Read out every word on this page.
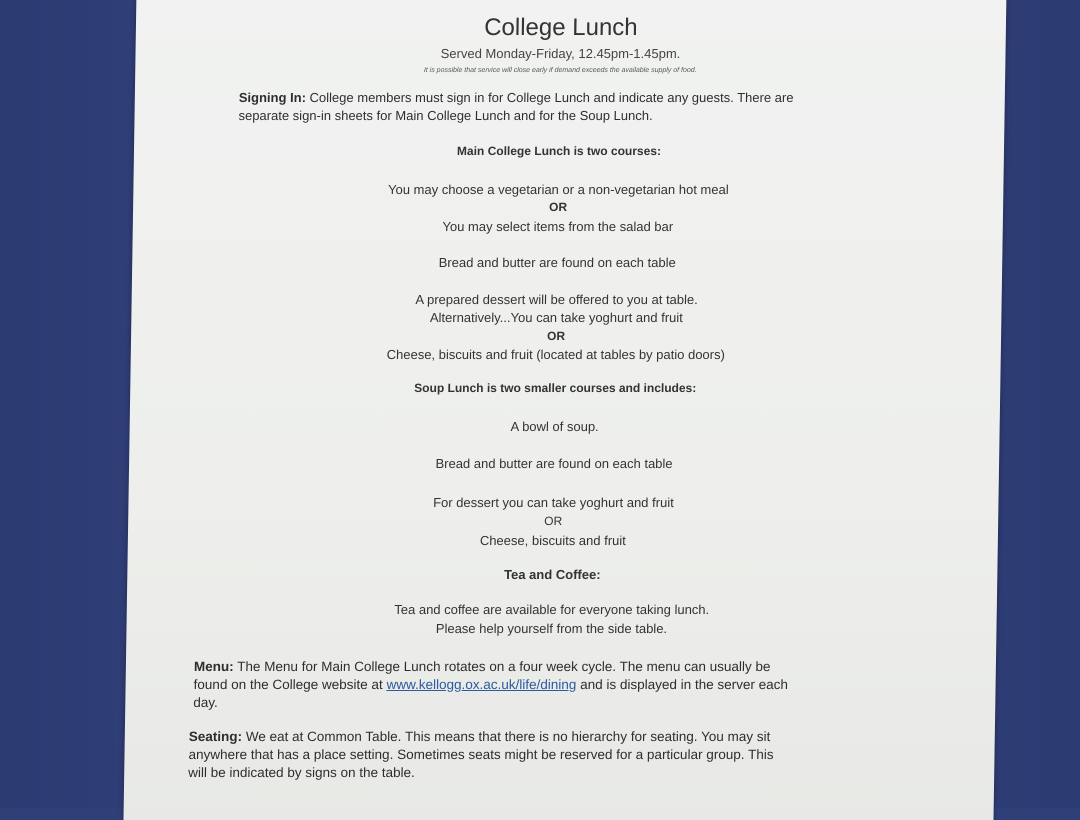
College Lunch
Served Monday-Friday, 12.45pm-1.45pm.
It is possible that service will close early if demand exceeds the available supply of food.
Signing In: College members must sign in for College Lunch and indicate any guests. There are
separate sign-in sheets for Main College Lunch and for the Soup Lunch.
Main College Lunch is two courses:
You may choose a vegetarian or a non-vegetarian hot meal
OR
You may select items from the salad bar
Bread and butter are found on each table
A prepared dessert will be offered to you at table.
Alternatively...You can take yoghurt and fruit
OR
Cheese, biscuits and fruit (located at tables by patio doors)
Soup Lunch is two smaller courses and includes:
A bowl of soup.
Bread and butter are found on each table
For dessert you can take yoghurt and fruit
OR
Cheese, biscuits and fruit
Tea and Coffee:
Tea and coffee are available for everyone taking lunch.
Please help yourself from the side table.
Menu: The Menu for Main College Lunch rotates on a four week cycle. The menu can usually be
found on the College website at www.kellogg.ox.ac.uk/life/dining and is displayed in the server each
day.
Seating: We eat at Common Table. This means that there is no hierarchy for seating. You may sit
anywhere that has a place setting. Sometimes seats might be reserved for a particular group. This
will be indicated by signs on the table.
